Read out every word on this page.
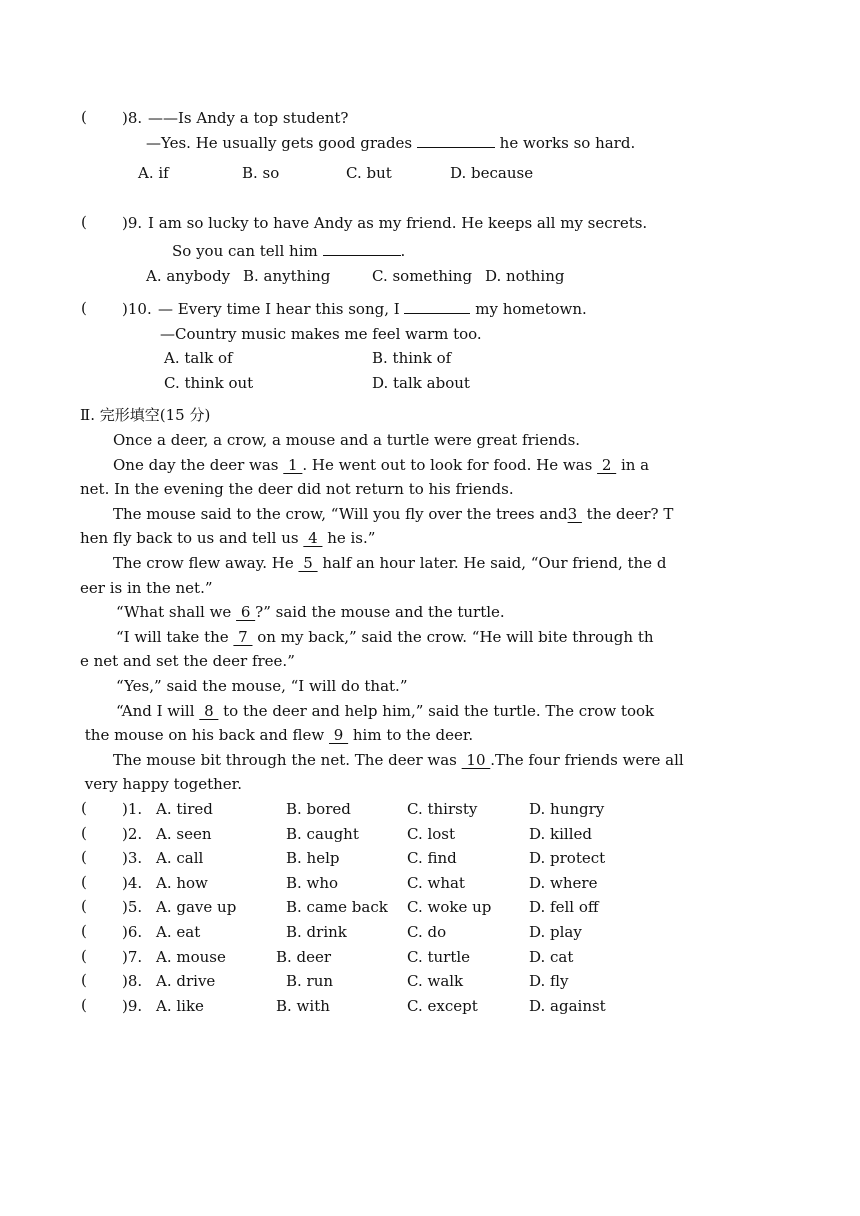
( )8. ——Is Andy a top student?
—Yes. He usually gets good grades	he works so hard.
A. if	B. so	C. but	D. because
( )9. I am so lucky to have Andy as my friend. He keeps all my secrets.
So you can tell him	.
A. anybody B. anything	C. something D. nothing
( )10. — Every time I hear this song, I	my hometown.
—Country music makes me feel warm too.
A. talk of	B. think of
C. think out	D. talk about
Ⅱ. 完形填空(15 分)
Once a deer, a crow, a mouse and a turtle were great friends.
One day the deer was  1 . He went out to look for food. He was  2  in a
net. In the evening the deer did not return to his friends.
The mouse said to the crow, “Will you fly over the trees and3  the deer? T
hen fly back to us and tell us  4  he is.”
The crow flew away. He  5  half an hour later. He said, “Our friend, the d
eer is in the net.”
“What shall we  6 ?” said the mouse and the turtle.
“I will take the  7  on my back,” said the crow. “He will bite through th
e net and set the deer free.”
“Yes,” said the mouse, “I will do that.”
“And I will  8  to the deer and help him,” said the turtle. The crow took
the mouse on his back and flew  9  him to the deer.
The mouse bit through the net. The deer was  10 .The four friends were all
very happy together.
( )1. A. tired	B. bored	C. thirsty	D. hungry
( )2. A. seen	B. caught	C. lost	D. killed
( )3. A. call	B. help	C. find	D. protect
( )4. A. how	B. who	C. what	D. where
( )5. A. gave up	B. came back C. woke up	D. fell off
( )6. A. eat	B. drink	C. do	D. play
( )7. A. mouse	B. deer	C. turtle	D. cat
( )8. A. drive	B. run	C. walk	D. fly
( )9. A. like	B. with	C. except	D. against
